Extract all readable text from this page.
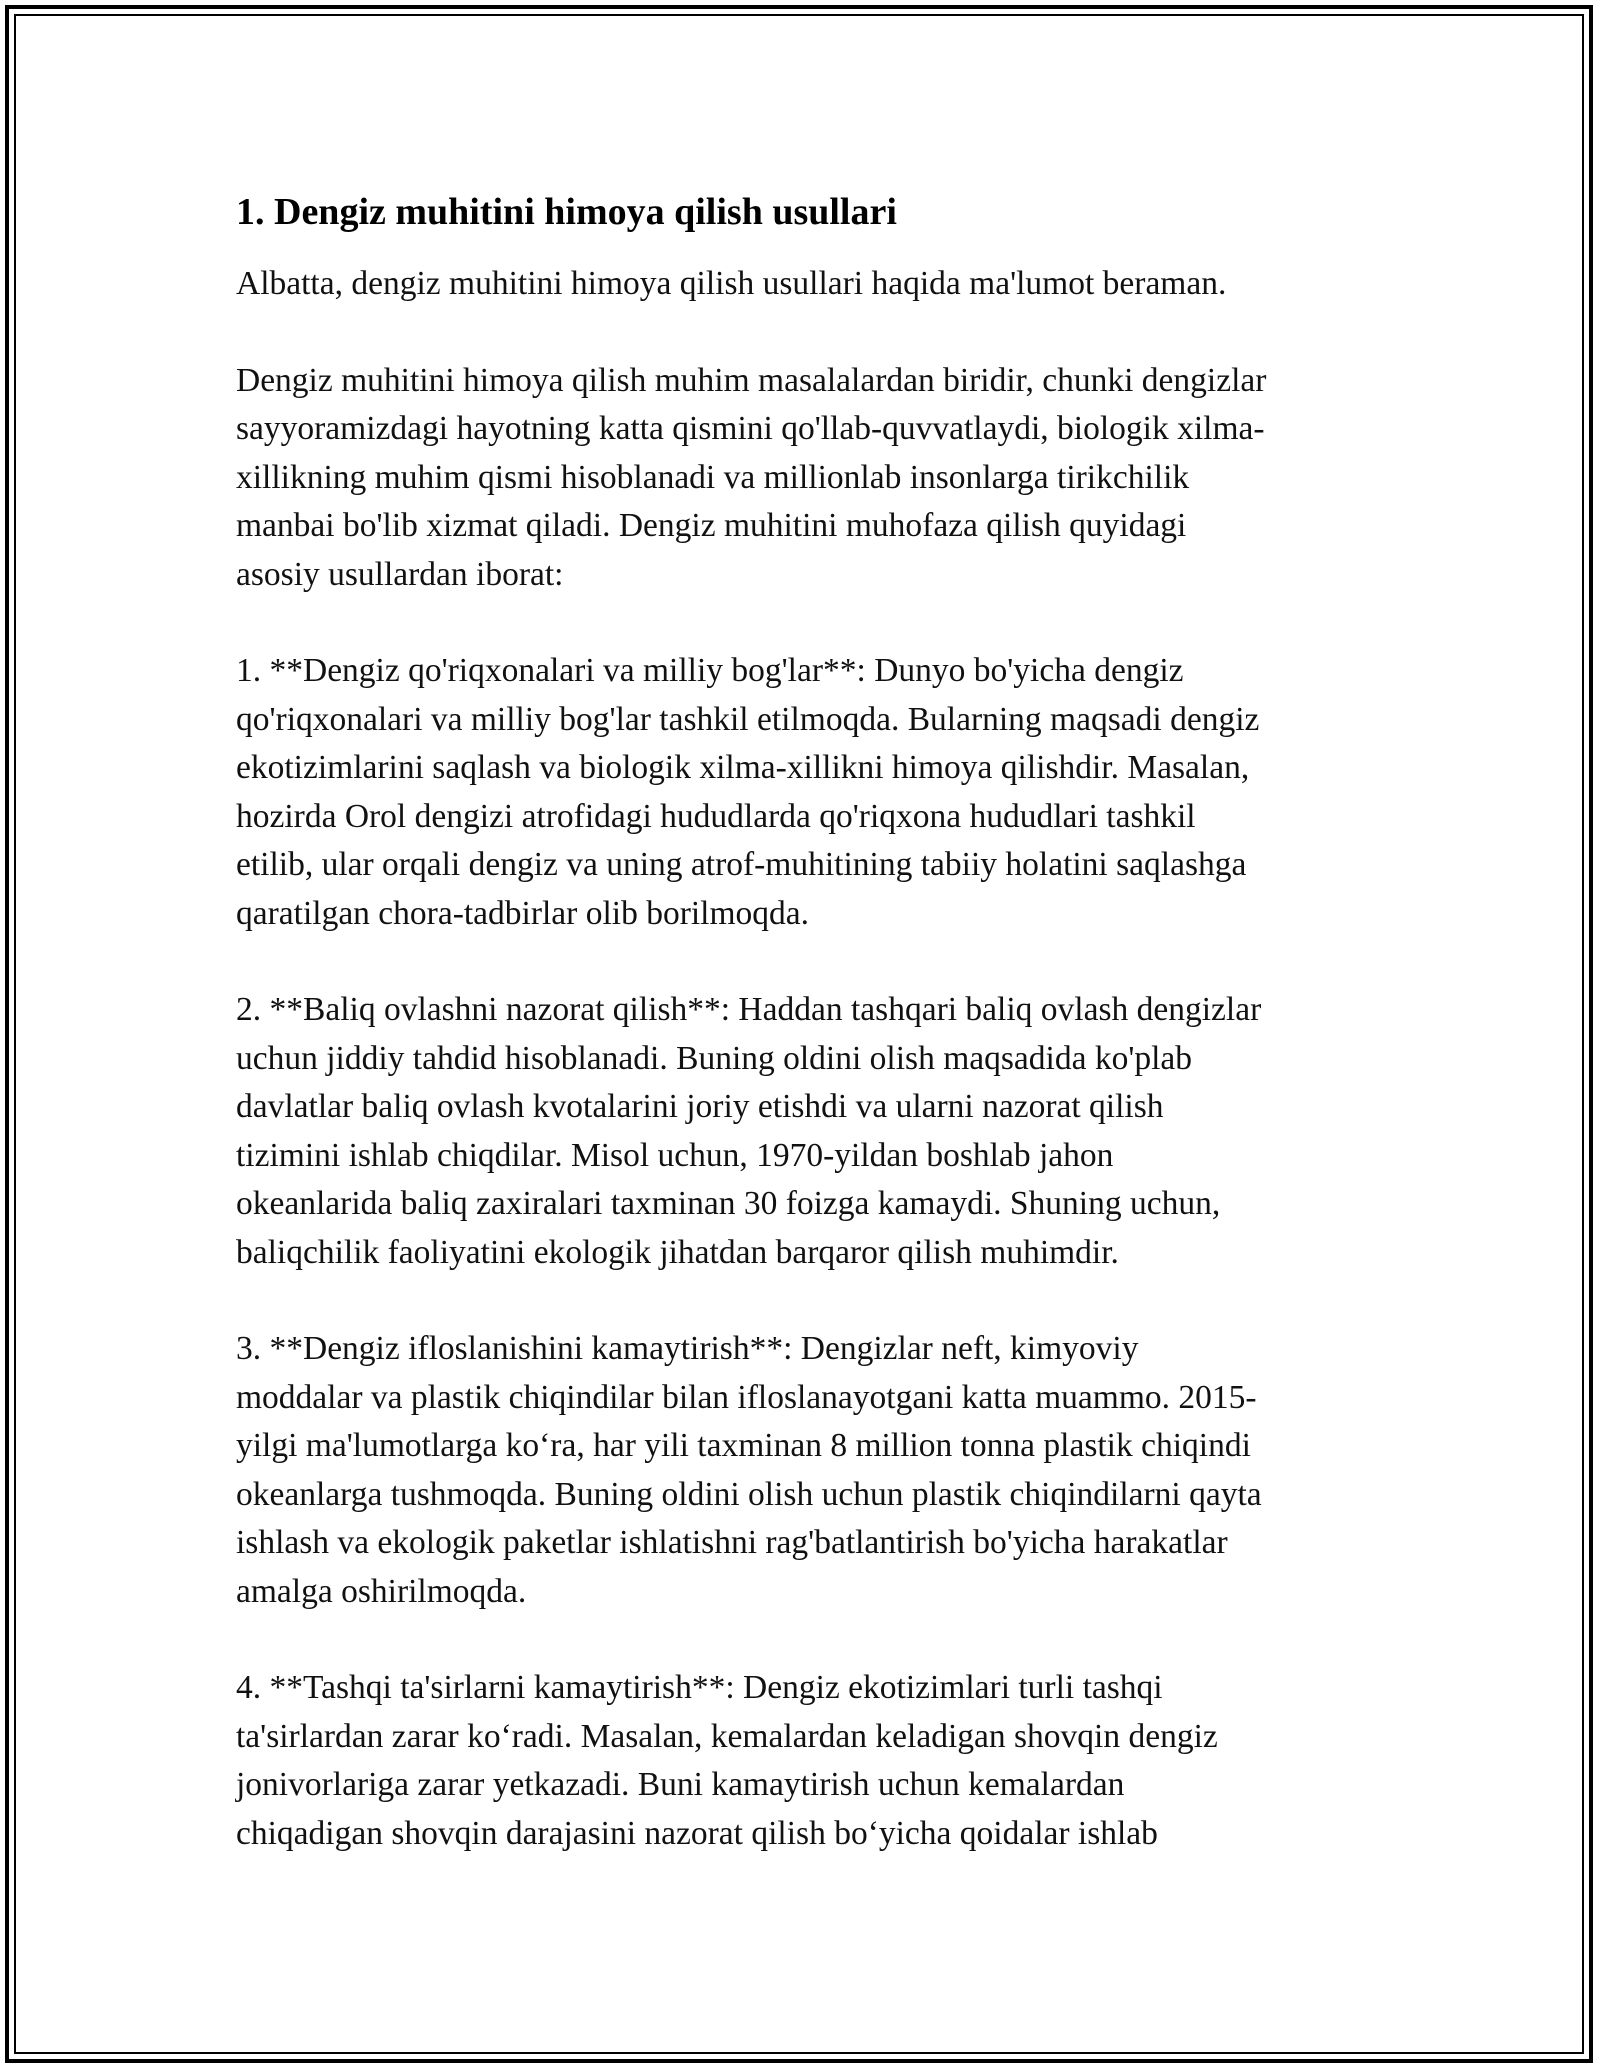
1. Dengiz muhitini himoya qilish usullari

Albatta, dengiz muhitini himoya qilish usullari haqida ma'lumot beraman.

Dengiz muhitini himoya qilish muhim masalalardan biridir, chunki dengizlar
sayyoramizdagi hayotning katta qismini qo'llab-quvvatlaydi, biologik xilma-
xillikning muhim qismi hisoblanadi va millionlab insonlarga tirikchilik
manbai bo'lib xizmat qiladi. Dengiz muhitini muhofaza qilish quyidagi
asosiy usullardan iborat:

1. **Dengiz qo'riqxonalari va milliy bog'lar**: Dunyo bo'yicha dengiz
qo'riqxonalari va milliy bog'lar tashkil etilmoqda. Bularning maqsadi dengiz
ekotizimlarini saqlash va biologik xilma-xillikni himoya qilishdir. Masalan,
hozirda Orol dengizi atrofidagi hududlarda qo'riqxona hududlari tashkil
etilib, ular orqali dengiz va uning atrof-muhitining tabiiy holatini saqlashga
qaratilgan chora-tadbirlar olib borilmoqda.

2. **Baliq ovlashni nazorat qilish**: Haddan tashqari baliq ovlash dengizlar
uchun jiddiy tahdid hisoblanadi. Buning oldini olish maqsadida ko'plab
davlatlar baliq ovlash kvotalarini joriy etishdi va ularni nazorat qilish
tizimini ishlab chiqdilar. Misol uchun, 1970-yildan boshlab jahon
okeanlarida baliq zaxiralari taxminan 30 foizga kamaydi. Shuning uchun,
baliqchilik faoliyatini ekologik jihatdan barqaror qilish muhimdir.

3. **Dengiz ifloslanishini kamaytirish**: Dengizlar neft, kimyoviy
moddalar va plastik chiqindilar bilan ifloslanayotgani katta muammo. 2015-
yilgi ma'lumotlarga ko‘ra, har yili taxminan 8 million tonna plastik chiqindi
okeanlarga tushmoqda. Buning oldini olish uchun plastik chiqindilarni qayta
ishlash va ekologik paketlar ishlatishni rag'batlantirish bo'yicha harakatlar
amalga oshirilmoqda.

4. **Tashqi ta'sirlarni kamaytirish**: Dengiz ekotizimlari turli tashqi
ta'sirlardan zarar ko‘radi. Masalan, kemalardan keladigan shovqin dengiz
jonivorlariga zarar yetkazadi. Buni kamaytirish uchun kemalardan
chiqadigan shovqin darajasini nazorat qilish bo‘yicha qoidalar ishlab
